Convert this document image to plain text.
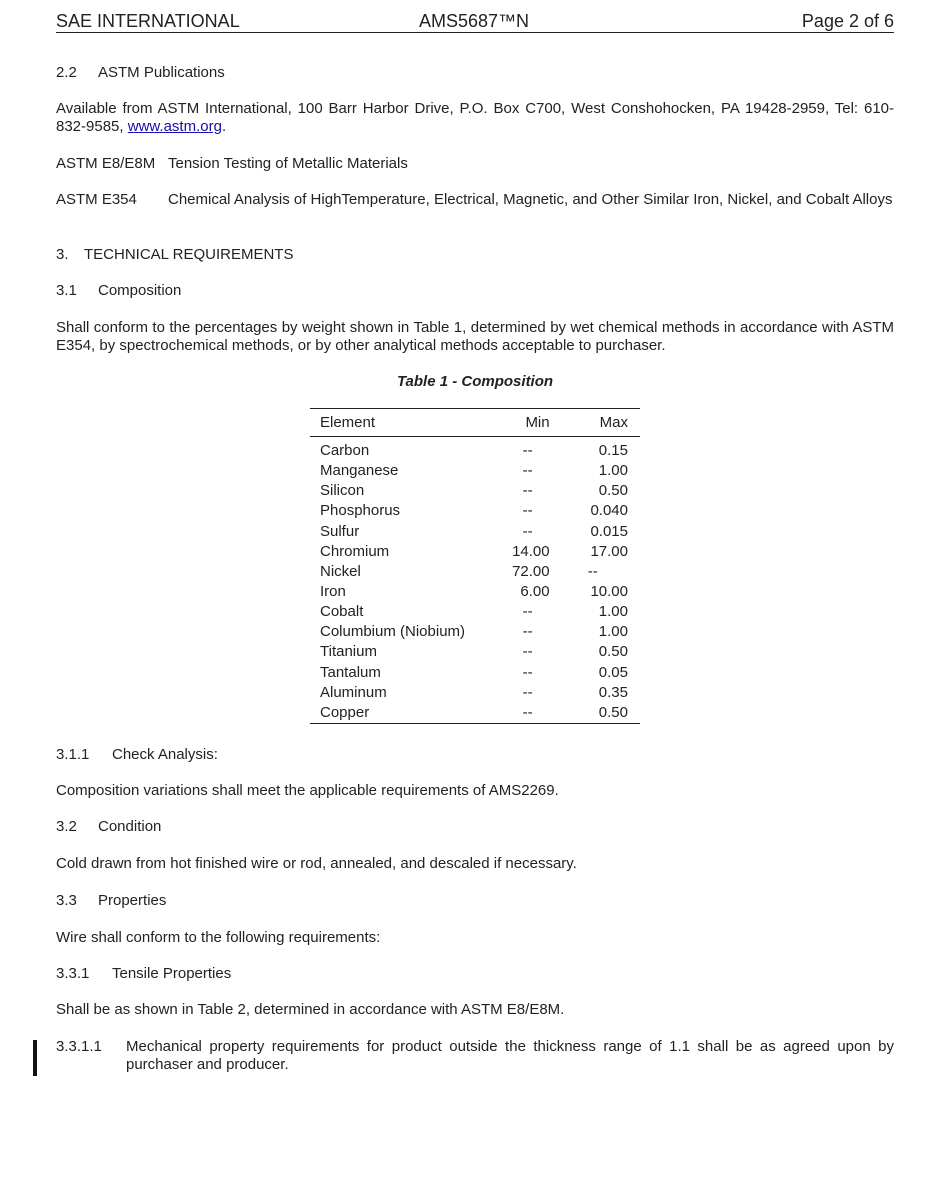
SAE INTERNATIONAL	AMS5687™N	Page 2 of 6
2.2 ASTM Publications
Available from ASTM International, 100 Barr Harbor Drive, P.O. Box C700, West Conshohocken, PA 19428-2959, Tel: 610-832-9585, www.astm.org.
ASTM E8/E8M Tension Testing of Metallic Materials
ASTM E354 Chemical Analysis of HighTemperature, Electrical, Magnetic, and Other Similar Iron, Nickel, and Cobalt Alloys
3. TECHNICAL REQUIREMENTS
3.1 Composition
Shall conform to the percentages by weight shown in Table 1, determined by wet chemical methods in accordance with ASTM E354, by spectrochemical methods, or by other analytical methods acceptable to purchaser.
Table 1 - Composition
Element	Min	Max
Carbon	--	0.15
Manganese	--	1.00
Silicon	--	0.50
Phosphorus	--	0.040
Sulfur	--	0.015
Chromium	14.00	17.00
Nickel	72.00	--
Iron	6.00	10.00
Cobalt	--	1.00
Columbium (Niobium)	--	1.00
Titanium	--	0.50
Tantalum	--	0.05
Aluminum	--	0.35
Copper	--	0.50
3.1.1 Check Analysis:
Composition variations shall meet the applicable requirements of AMS2269.
3.2 Condition
Cold drawn from hot finished wire or rod, annealed, and descaled if necessary.
3.3 Properties
Wire shall conform to the following requirements:
3.3.1 Tensile Properties
Shall be as shown in Table 2, determined in accordance with ASTM E8/E8M.
3.3.1.1 Mechanical property requirements for product outside the thickness range of 1.1 shall be as agreed upon by purchaser and producer.
